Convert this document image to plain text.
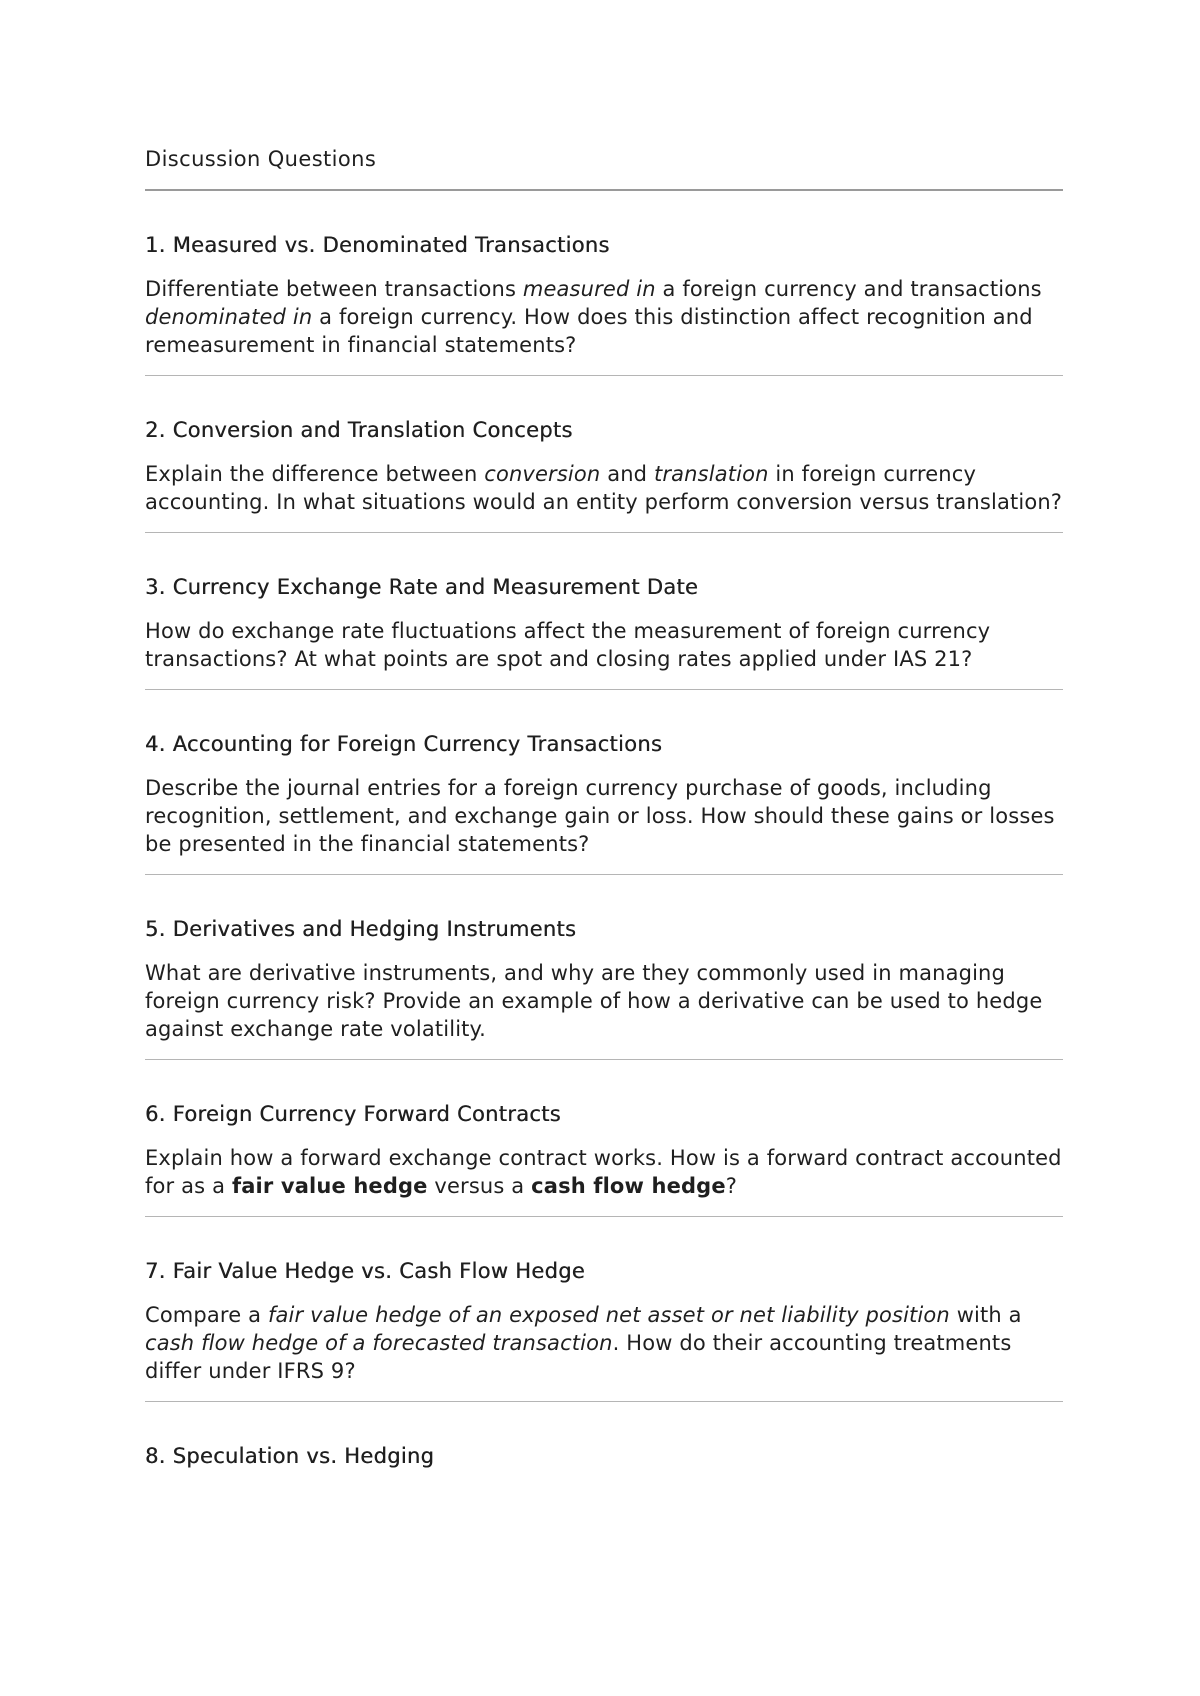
Discussion Questions
1. Measured vs. Denominated Transactions

Differentiate between transactions measured in a foreign currency and transactions denominated in a foreign currency. How does this distinction affect recognition and remeasurement in financial statements?

2. Conversion and Translation Concepts

Explain the difference between conversion and translation in foreign currency accounting. In what situations would an entity perform conversion versus translation?

3. Currency Exchange Rate and Measurement Date

How do exchange rate fluctuations affect the measurement of foreign currency transactions? At what points are spot and closing rates applied under IAS 21?

4. Accounting for Foreign Currency Transactions

Describe the journal entries for a foreign currency purchase of goods, including recognition, settlement, and exchange gain or loss. How should these gains or losses be presented in the financial statements?

5. Derivatives and Hedging Instruments

What are derivative instruments, and why are they commonly used in managing foreign currency risk? Provide an example of how a derivative can be used to hedge against exchange rate volatility.

6. Foreign Currency Forward Contracts

Explain how a forward exchange contract works. How is a forward contract accounted for as a fair value hedge versus a cash flow hedge?

7. Fair Value Hedge vs. Cash Flow Hedge

Compare a fair value hedge of an exposed net asset or net liability position with a cash flow hedge of a forecasted transaction. How do their accounting treatments differ under IFRS 9?

8. Speculation vs. Hedging
